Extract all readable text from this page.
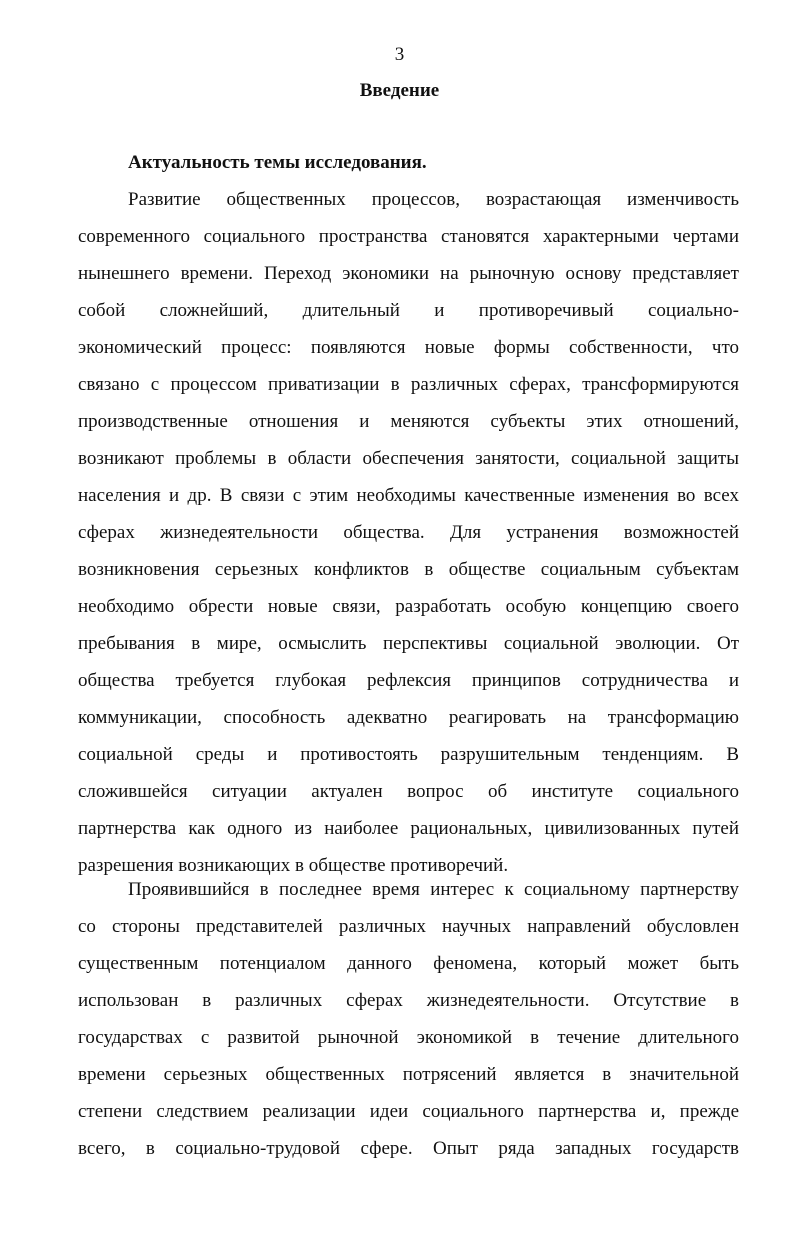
3
Введение
Актуальность темы исследования.
Развитие общественных процессов, возрастающая изменчивость
современного социального пространства становятся характерными чертами
нынешнего времени. Переход экономики на рыночную основу представляет
собой сложнейший, длительный и противоречивый социально-
экономический процесс: появляются новые формы собственности, что
связано с процессом приватизации в различных сферах, трансформируются
производственные отношения и меняются субъекты этих отношений,
возникают проблемы в области обеспечения занятости, социальной защиты
населения и др. В связи с этим необходимы качественные изменения во всех
сферах жизнедеятельности общества. Для устранения возможностей
возникновения серьезных конфликтов в обществе социальным субъектам
необходимо обрести новые связи, разработать особую концепцию своего
пребывания в мире, осмыслить перспективы социальной эволюции. От
общества требуется глубокая рефлексия принципов сотрудничества и
коммуникации, способность адекватно реагировать на трансформацию
социальной среды и противостоять разрушительным тенденциям. В
сложившейся ситуации актуален вопрос об институте социального
партнерства как одного из наиболее рациональных, цивилизованных путей
разрешения возникающих в обществе противоречий.
Проявившийся в последнее время интерес к социальному партнерству
со стороны представителей различных научных направлений обусловлен
существенным потенциалом данного феномена, который может быть
использован в различных сферах жизнедеятельности. Отсутствие в
государствах с развитой рыночной экономикой в течение длительного
времени серьезных общественных потрясений является в значительной
степени следствием реализации идеи социального партнерства и, прежде
всего, в социально-трудовой сфере. Опыт ряда западных государств
